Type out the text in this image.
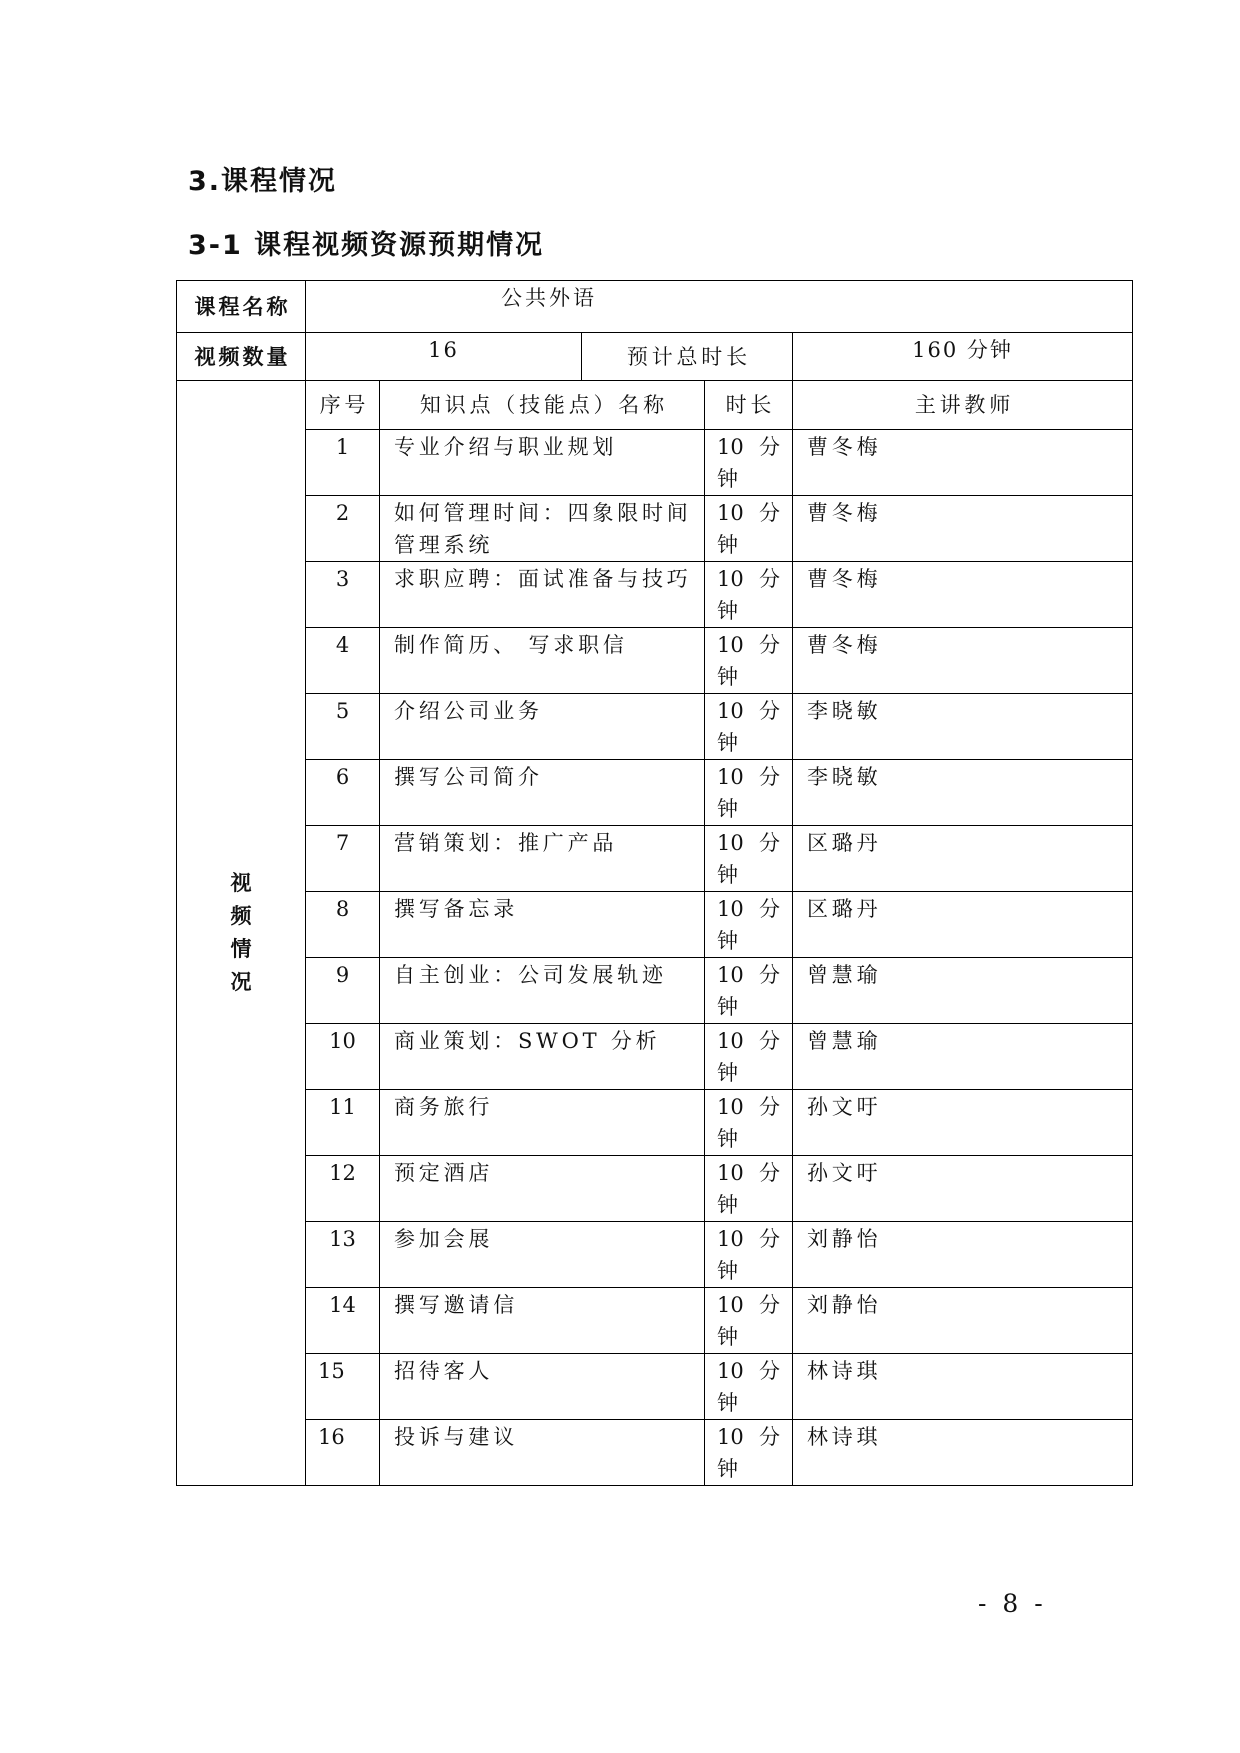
3.课程情况
3-1 课程视频资源预期情况
课程名称	公共外语				
视频数量	16		预计总时长		160 分钟

视频情况	序号	知识点（技能点）名称		时长	主讲教师
	1	专业介绍与职业规划		10 分钟	曹冬梅
	2	如何管理时间：四象限时间管理系统		10 分钟	曹冬梅
	3	求职应聘：面试准备与技巧		10 分钟	曹冬梅
	4	制作简历、 写求职信		10 分钟	曹冬梅
	5	介绍公司业务		10 分钟	李晓敏
	6	撰写公司简介		10 分钟	李晓敏
	7	营销策划：推广产品		10 分钟	区璐丹
	8	撰写备忘录		10 分钟	区璐丹
	9	自主创业：公司发展轨迹		10 分钟	曾慧瑜
	10	商业策划：SWOT 分析		10 分钟	曾慧瑜
	11	商务旅行		10 分钟	孙文吁
	12	预定酒店		10 分钟	孙文吁
	13	参加会展		10 分钟	刘静怡
	14	撰写邀请信		10 分钟	刘静怡
	15	招待客人		10 分钟	林诗琪
	16	投诉与建议		10 分钟	林诗琪
- 8 -
